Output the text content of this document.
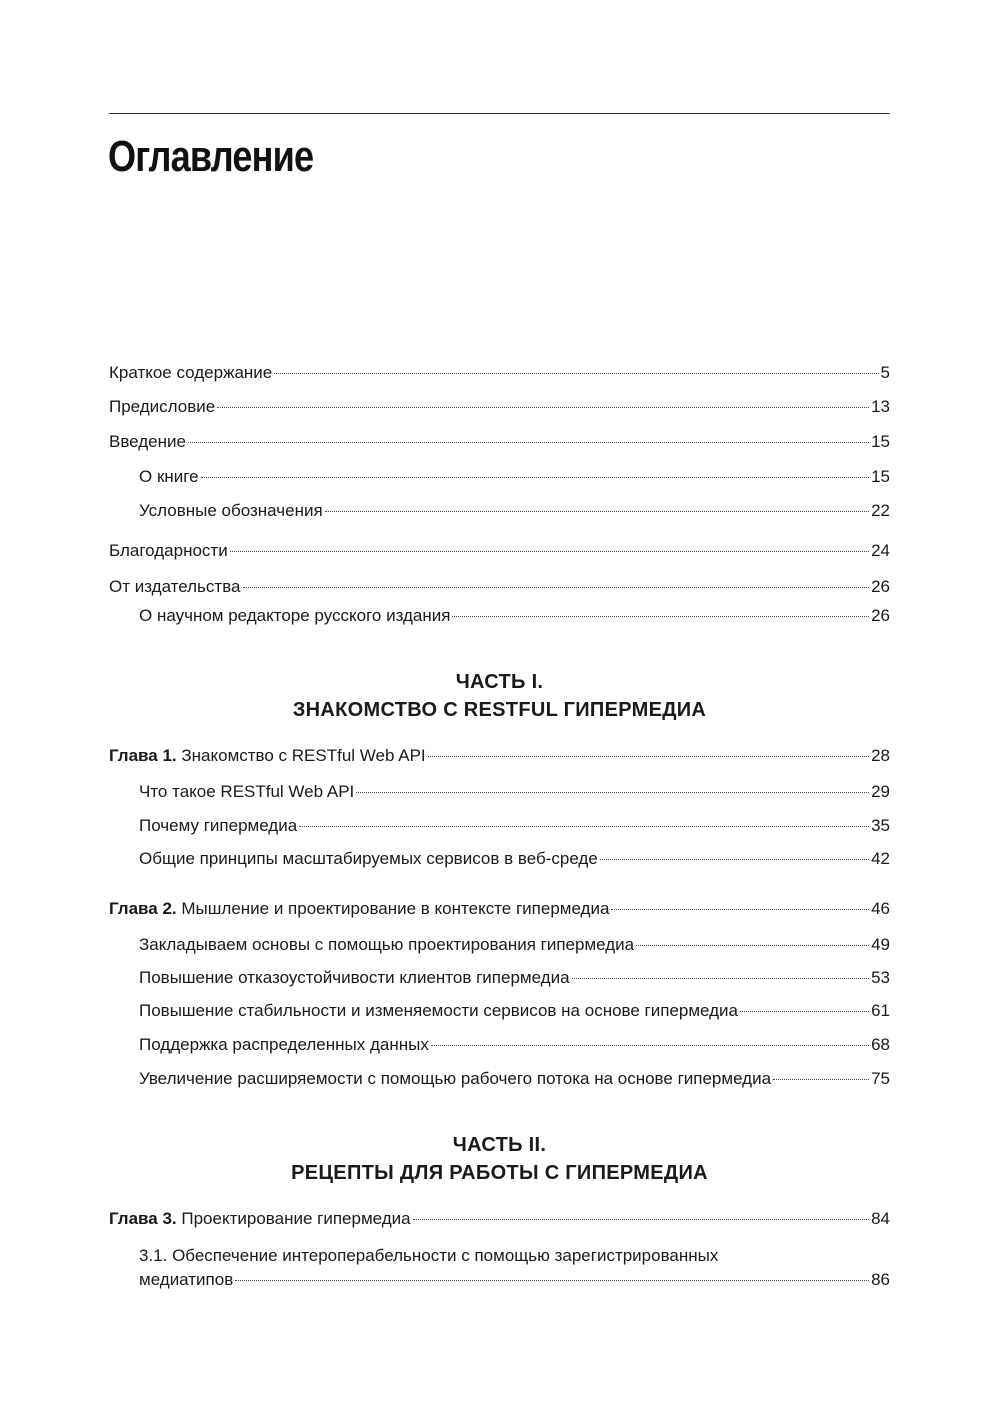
Оглавление
Краткое содержание	5
Предисловие	13
Введение	15
О книге	15
Условные обозначения	22
Благодарности	24
От издательства	26
О научном редакторе русского издания	26
ЧАСТЬ I.
ЗНАКОМСТВО С RESTFUL ГИПЕРМЕДИА
Глава 1. Знакомство с RESTful Web API	28
Что такое RESTful Web API	29
Почему гипермедиа	35
Общие принципы масштабируемых сервисов в веб-среде	42
Глава 2. Мышление и проектирование в контексте гипермедиа	46
Закладываем основы с помощью проектирования гипермедиа	49
Повышение отказоустойчивости клиентов гипермедиа	53
Повышение стабильности и изменяемости сервисов на основе гипермедиа	61
Поддержка распределенных данных	68
Увеличение расширяемости с помощью рабочего потока на основе гипермедиа	75
ЧАСТЬ II.
РЕЦЕПТЫ ДЛЯ РАБОТЫ С ГИПЕРМЕДИА
Глава 3. Проектирование гипермедиа	84
3.1. Обеспечение интероперабельности с помощью зарегистрированных
медиатипов	86
